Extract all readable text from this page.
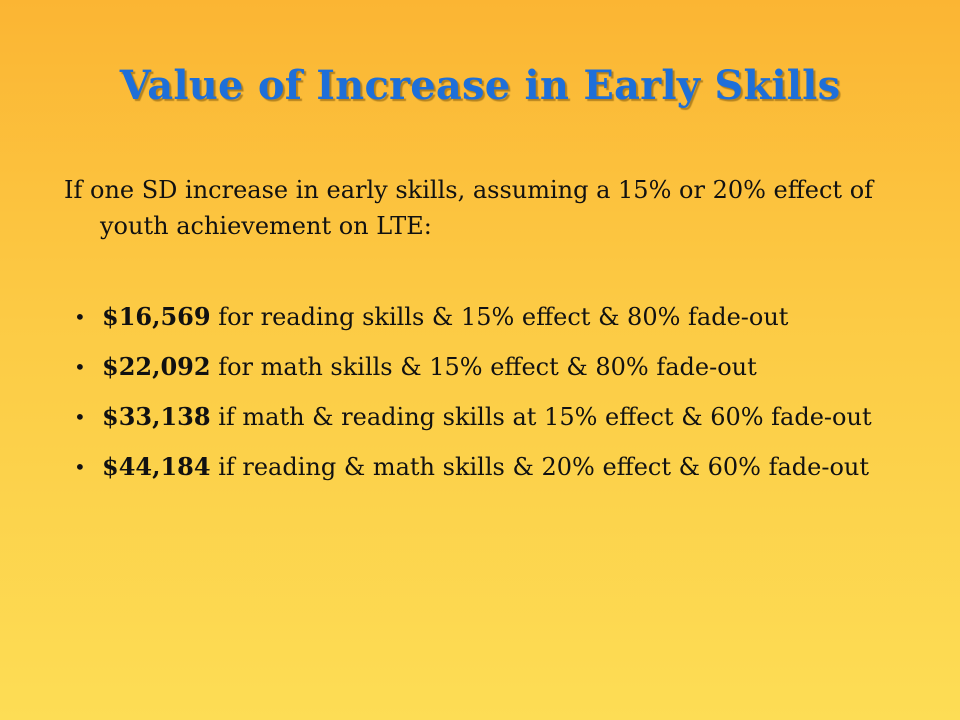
Value of Increase in Early Skills
If one SD increase in early skills, assuming a 15% or 20% effect of youth achievement on LTE:
• $16,569 for reading skills & 15% effect & 80% fade-out
• $22,092 for math skills & 15% effect & 80% fade-out
• $33,138 if math & reading skills at 15% effect & 60% fade-out
• $44,184 if reading & math skills & 20% effect & 60% fade-out
